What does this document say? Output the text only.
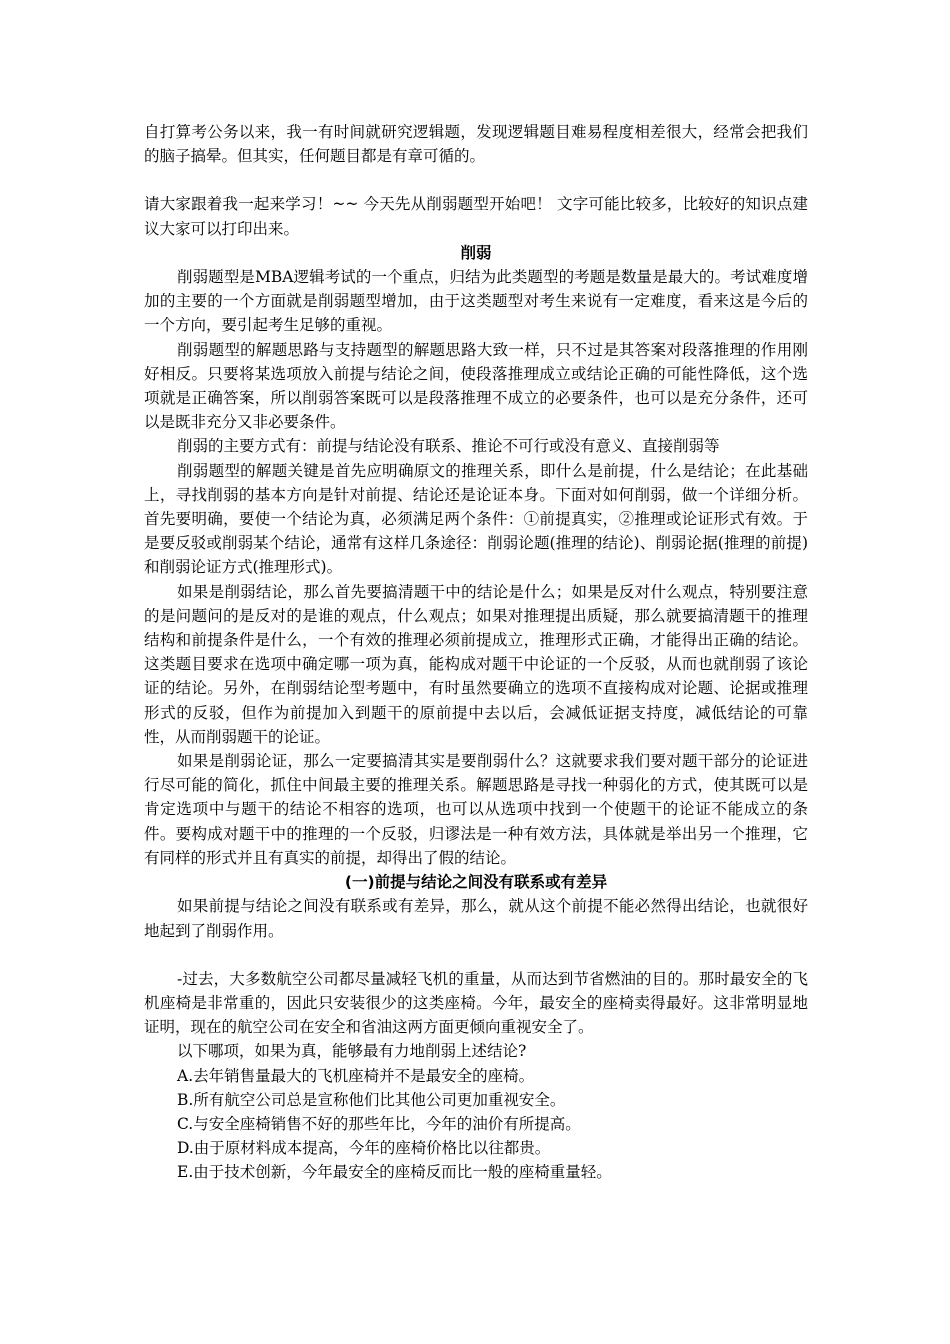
自打算考公务以来，我一有时间就研究逻辑题，发现逻辑题目难易程度相差很大，经常会把我们的脑子搞晕。但其实，任何题目都是有章可循的。

请大家跟着我一起来学习！~~ 今天先从削弱题型开始吧！ 文字可能比较多，比较好的知识点建议大家可以打印出来。

削弱

削弱题型是MBA逻辑考试的一个重点，归结为此类题型的考题是数量是最大的。考试难度增加的主要的一个方面就是削弱题型增加，由于这类题型对考生来说有一定难度，看来这是今后的一个方向，要引起考生足够的重视。

削弱题型的解题思路与支持题型的解题思路大致一样，只不过是其答案对段落推理的作用刚好相反。只要将某选项放入前提与结论之间，使段落推理成立或结论正确的可能性降低，这个选项就是正确答案，所以削弱答案既可以是段落推理不成立的必要条件，也可以是充分条件，还可以是既非充分又非必要条件。

削弱的主要方式有：前提与结论没有联系、推论不可行或没有意义、直接削弱等

削弱题型的解题关键是首先应明确原文的推理关系，即什么是前提，什么是结论；在此基础上，寻找削弱的基本方向是针对前提、结论还是论证本身。下面对如何削弱，做一个详细分析。首先要明确，要使一个结论为真，必须满足两个条件：①前提真实，②推理或论证形式有效。于是要反驳或削弱某个结论，通常有这样几条途径：削弱论题(推理的结论)、削弱论据(推理的前提)和削弱论证方式(推理形式)。

如果是削弱结论，那么首先要搞清题干中的结论是什么；如果是反对什么观点，特别要注意的是问题问的是反对的是谁的观点，什么观点；如果对推理提出质疑，那么就要搞清题干的推理结构和前提条件是什么，一个有效的推理必须前提成立，推理形式正确，才能得出正确的结论。这类题目要求在选项中确定哪一项为真，能构成对题干中论证的一个反驳，从而也就削弱了该论证的结论。另外，在削弱结论型考题中，有时虽然要确立的选项不直接构成对论题、论据或推理形式的反驳，但作为前提加入到题干的原前提中去以后，会减低证据支持度，减低结论的可靠性，从而削弱题干的论证。

如果是削弱论证，那么一定要搞清其实是要削弱什么？这就要求我们要对题干部分的论证进行尽可能的简化，抓住中间最主要的推理关系。解题思路是寻找一种弱化的方式，使其既可以是肯定选项中与题干的结论不相容的选项，也可以从选项中找到一个使题干的论证不能成立的条件。要构成对题干中的推理的一个反驳，归谬法是一种有效方法，具体就是举出另一个推理，它有同样的形式并且有真实的前提，却得出了假的结论。

(一)前提与结论之间没有联系或有差异

如果前提与结论之间没有联系或有差异，那么，就从这个前提不能必然得出结论，也就很好地起到了削弱作用。

-过去，大多数航空公司都尽量减轻飞机的重量，从而达到节省燃油的目的。那时最安全的飞机座椅是非常重的，因此只安装很少的这类座椅。今年，最安全的座椅卖得最好。这非常明显地证明，现在的航空公司在安全和省油这两方面更倾向重视安全了。

以下哪项，如果为真，能够最有力地削弱上述结论?

A.去年销售量最大的飞机座椅并不是最安全的座椅。

B.所有航空公司总是宣称他们比其他公司更加重视安全。

C.与安全座椅销售不好的那些年比，今年的油价有所提高。

D.由于原材料成本提高，今年的座椅价格比以往都贵。

E.由于技术创新，今年最安全的座椅反而比一般的座椅重量轻。
